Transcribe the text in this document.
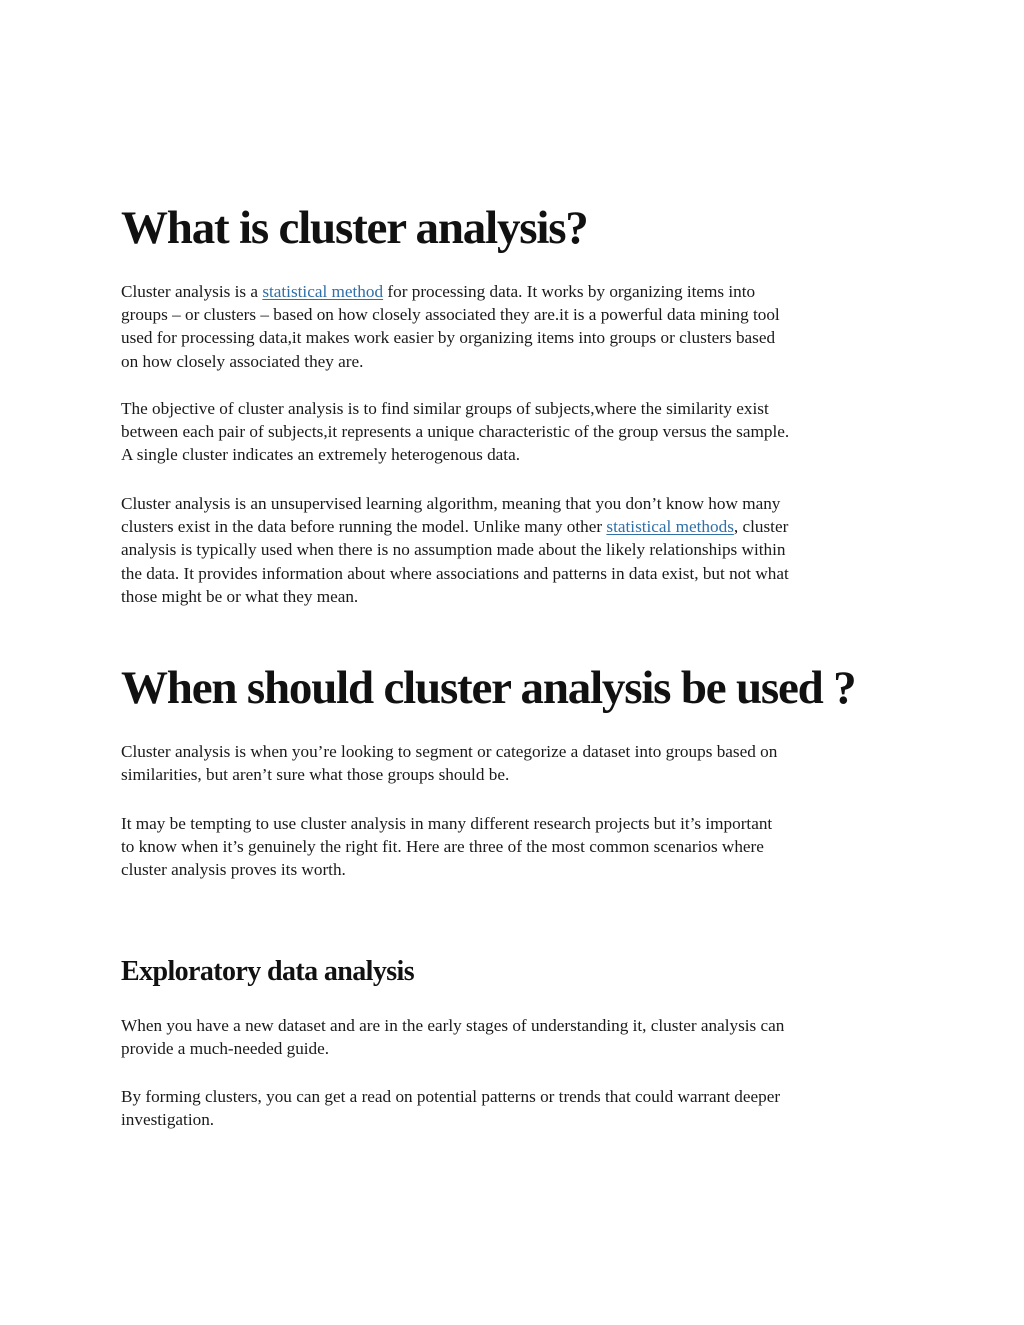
What is cluster analysis?
Cluster analysis is a statistical method for processing data. It works by organizing items into
groups – or clusters – based on how closely associated they are.it is a powerful data mining tool
used for processing data,it makes work easier by organizing items into groups or clusters based
on how closely associated they are.
The objective of cluster analysis is to find similar groups of subjects,where the similarity exist
between each pair of subjects,it represents a unique characteristic of the group versus the sample.
A single cluster indicates an extremely heterogenous data.
Cluster analysis is an unsupervised learning algorithm, meaning that you don’t know how many
clusters exist in the data before running the model. Unlike many other statistical methods, cluster
analysis is typically used when there is no assumption made about the likely relationships within
the data. It provides information about where associations and patterns in data exist, but not what
those might be or what they mean.
When should cluster analysis be used ?
Cluster analysis is when you’re looking to segment or categorize a dataset into groups based on
similarities, but aren’t sure what those groups should be.
It may be tempting to use cluster analysis in many different research projects but it’s important
to know when it’s genuinely the right fit. Here are three of the most common scenarios where
cluster analysis proves its worth.
Exploratory data analysis
When you have a new dataset and are in the early stages of understanding it, cluster analysis can
provide a much-needed guide.
By forming clusters, you can get a read on potential patterns or trends that could warrant deeper
investigation.
